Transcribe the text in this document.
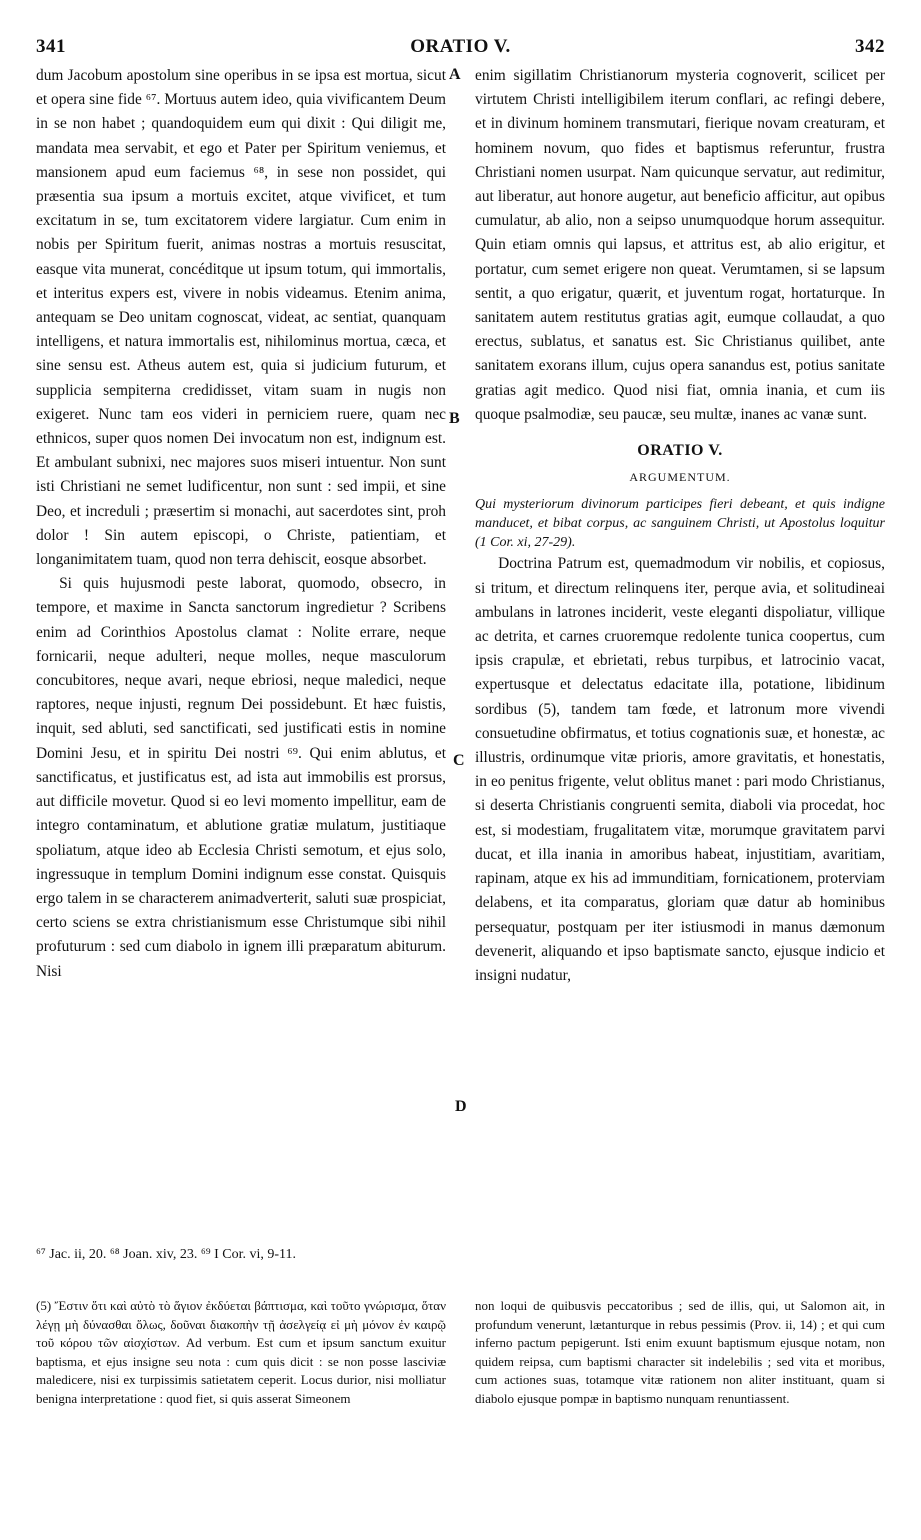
341	ORATIO V.	342
A
B
C
D

dum Jacobum apostolum sine operibus in se ipsa est mortua, sicut et opera sine fide ⁶⁷. Mortuus autem ideo, quia vivificantem Deum in se non habet ; quandoquidem eum qui dixit : Qui diligit me, mandata mea servabit, et ego et Pater per Spiritum veniemus, et mansionem apud eum faciemus ⁶⁸, in sese non possidet, qui præsentia sua ipsum a mortuis excitet, atque vivificet, et tum excitatum in se, tum excitatorem videre largiatur. Cum enim in nobis per Spiritum fuerit, animas nostras a mortuis resuscitat, easque vita munerat, concéditque ut ipsum totum, qui immortalis, et interitus expers est, vivere in nobis videamus. Etenim anima, antequam se Deo unitam cognoscat, videat, ac sentiat, quanquam intelligens, et natura immortalis est, nihilominus mortua, cæca, et sine sensu est. Atheus autem est, quia si judicium futurum, et supplicia sempiterna credidisset, vitam suam in nugis non exigeret. Nunc tam eos videri in perniciem ruere, quam nec ethnicos, super quos nomen Dei invocatum non est, indignum est. Et ambulant subnixi, nec majores suos miseri intuentur. Non sunt isti Christiani ne semet ludificentur, non sunt : sed impii, et sine Deo, et increduli ; præsertim si monachi, aut sacerdotes sint, proh dolor ! Sin autem episcopi, o Christe, patientiam, et longanimitatem tuam, quod non terra dehiscit, eosque absorbet.

Si quis hujusmodi peste laborat, quomodo, obsecro, in tempore, et maxime in Sancta sanctorum ingredietur ? Scribens enim ad Corinthios Apostolus clamat : Nolite errare, neque fornicarii, neque adulteri, neque molles, neque masculorum concubitores, neque avari, neque ebriosi, neque maledici, neque raptores, neque injusti, regnum Dei possidebunt. Et hæc fuistis, inquit, sed abluti, sed sanctificati, sed justificati estis in nomine Domini Jesu, et in spiritu Dei nostri ⁶⁹. Qui enim ablutus, et sanctificatus, et justificatus est, ad ista aut immobilis est prorsus, aut difficile movetur. Quod si eo levi momento impellitur, eam de integro contaminatum, et ablutione gratiæ mulatum, justitiaque spoliatum, atque ideo ab Ecclesia Christi semotum, et ejus solo, ingressuque in templum Domini indignum esse constat. Quisquis ergo talem in se characterem animadverterit, saluti suæ prospiciat, certo sciens se extra christianismum esse Christumque sibi nihil profuturum : sed cum diabolo in ignem illi præparatum abiturum. Nisi

enim sigillatim Christianorum mysteria cognoverit, scilicet per virtutem Christi intelligibilem iterum conflari, ac refingi debere, et in divinum hominem transmutari, fierique novam creaturam, et hominem novum, quo fides et baptismus referuntur, frustra Christiani nomen usurpat. Nam quicunque servatur, aut redimitur, aut liberatur, aut honore augetur, aut beneficio afficitur, aut opibus cumulatur, ab alio, non a seipso unumquodque horum assequitur. Quin etiam omnis qui lapsus, et attritus est, ab alio erigitur, et portatur, cum semet erigere non queat. Verumtamen, si se lapsum sentit, a quo erigatur, quærit, et juventum rogat, hortaturque. In sanitatem autem restitutus gratias agit, eumque collaudat, a quo erectus, sublatus, et sanatus est. Sic Christianus quilibet, ante sanitatem exorans illum, cujus opera sanandus est, potius sanitate gratias agit medico. Quod nisi fiat, omnia inania, et cum iis quoque psalmodiæ, seu paucæ, seu multæ, inanes ac vanæ sunt.

ORATIO V.
ARGUMENTUM.

Qui mysteriorum divinorum participes fieri debeant, et quis indigne manducet, et bibat corpus, ac sanguinem Christi, ut Apostolus loquitur (1 Cor. xi, 27-29).

Doctrina Patrum est, quemadmodum vir nobilis, et copiosus, si tritum, et directum relinquens iter, perque avia, et solitudineai ambulans in latrones inciderit, veste eleganti dispoliatur, villique ac detrita, et carnes cruoremque redolente tunica coopertus, cum ipsis crapulæ, et ebrietati, rebus turpibus, et latrocinio vacat, expertusque et delectatus edacitate illa, potatione, libidinum sordibus (5), tandem tam fœde, et latronum more vivendi consuetudine obfirmatus, et totius cognationis suæ, et honestæ, ac illustris, ordinumque vitæ prioris, amore gravitatis, et honestatis, in eo penitus frigente, velut oblitus manet : pari modo Christianus, si deserta Christianis congruenti semita, diaboli via procedat, hoc est, si modestiam, frugalitatem vitæ, morumque gravitatem parvi ducat, et illa inania in amoribus habeat, injustitiam, avaritiam, rapinam, atque ex his ad immunditiam, fornicationem, proterviam delabens, et ita comparatus, gloriam quæ datur ab hominibus persequatur, postquam per iter istiusmodi in manus dæmonum devenerit, aliquando et ipso baptismate sancto, ejusque indicio et insigni nudatur,

⁶⁷ Jac. ii, 20. ⁶⁸ Joan. xiv, 23. ⁶⁹ I Cor. vi, 9-11.

(5) Ἔστιν ὅτι καὶ αὐτὸ τὸ ἅγιον ἐκδύεται βάπτισμα, καὶ τοῦτο γνώρισμα, ὅταν λέγῃ μὴ δύνασθαι ὅλως, δοῦναι διακοπὴν τῇ ἀσελγείᾳ εἰ μὴ μόνον ἐν καιρῷ τοῦ κόρου τῶν αἰσχίστων. Ad verbum. Est cum et ipsum sanctum exuitur baptisma, et ejus insigne seu nota : cum quis dicit : se non posse lasciviæ maledicere, nisi ex turpissimis satietatem ceperit. Locus durior, nisi molliatur benigna interpretatione : quod fiet, si quis asserat Simeonem

non loqui de quibusvis peccatoribus ; sed de illis, qui, ut Salomon ait, in profundum venerunt, lætanturque in rebus pessimis (Prov. ii, 14) ; et qui cum inferno pactum pepigerunt. Isti enim exuunt baptismum ejusque notam, non quidem reipsa, cum baptismi character sit indelebilis ; sed vita et moribus, cum actiones suas, totamque vitæ rationem non aliter instituant, quam si diabolo ejusque pompæ in baptismo nunquam renuntiassent.
